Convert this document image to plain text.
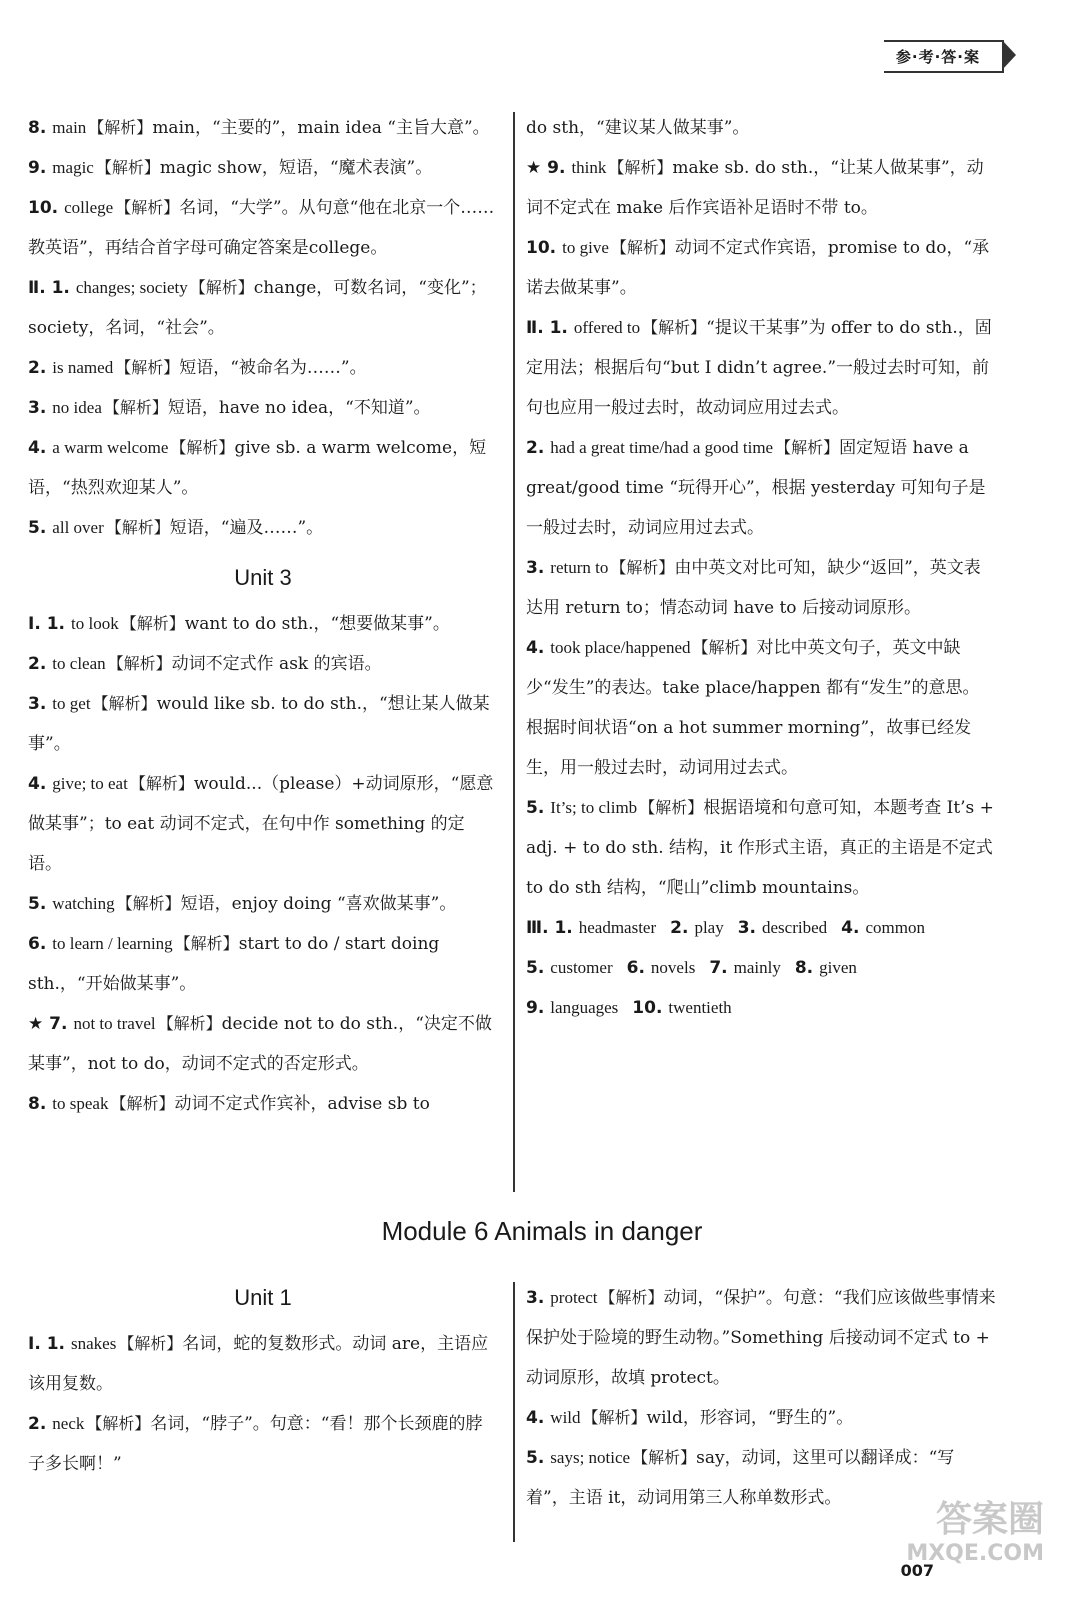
参·考·答·案

8. main 【解析】main，“主要的”，main idea “主旨大意”。

9. magic 【解析】magic show，短语，“魔术表演”。

10. college 【解析】名词，“大学”。从句意“他在北京一个……教英语”，再结合首字母可确定答案是college。

Ⅱ. 1. changes; society 【解析】change，可数名词，“变化”；society，名词，“社会”。

2. is named 【解析】短语，“被命名为……”。

3. no idea 【解析】短语，have no idea，“不知道”。

4. a warm welcome 【解析】give sb. a warm welcome，短语，“热烈欢迎某人”。

5. all over 【解析】短语，“遍及……”。

Unit 3

Ⅰ. 1. to look 【解析】want to do sth.，“想要做某事”。

2. to clean 【解析】动词不定式作 ask 的宾语。

3. to get 【解析】would like sb. to do sth.，“想让某人做某事”。

4. give; to eat 【解析】would...（please）+动词原形，“愿意做某事”；to eat 动词不定式，在句中作 something 的定语。

5. watching 【解析】短语，enjoy doing “喜欢做某事”。

6. to learn / learning 【解析】start to do / start doing sth.，“开始做某事”。

★ 7. not to travel 【解析】decide not to do sth.，“决定不做某事”，not to do，动词不定式的否定形式。

8. to speak 【解析】动词不定式作宾补，advise sb to

do sth，“建议某人做某事”。

★ 9. think 【解析】make sb. do sth.，“让某人做某事”，动词不定式在 make 后作宾语补足语时不带 to。

10. to give 【解析】动词不定式作宾语，promise to do，“承诺去做某事”。

Ⅱ. 1. offered to 【解析】“提议干某事”为 offer to do sth.，固定用法；根据后句“but I didn’t agree.”一般过去时可知，前句也应用一般过去时，故动词应用过去式。

2. had a great time/had a good time 【解析】固定短语 have a great/good time “玩得开心”，根据 yesterday 可知句子是一般过去时，动词应用过去式。

3. return to 【解析】由中英文对比可知，缺少“返回”，英文表达用 return to；情态动词 have to 后接动词原形。

4. took place/happened 【解析】对比中英文句子，英文中缺少“发生”的表达。take place/happen 都有“发生”的意思。根据时间状语“on a hot summer morning”，故事已经发生，用一般过去时，动词用过去式。

5. It’s; to climb 【解析】根据语境和句意可知，本题考查 It’s + adj. + to do sth. 结构，it 作形式主语，真正的主语是不定式 to do sth 结构，“爬山”climb mountains。

Ⅲ. 1. headmaster 2. play 3. described 4. common
5. customer 6. novels 7. mainly 8. given
9. languages 10. twentieth
Module 6 Animals in danger
Unit 1

Ⅰ. 1. snakes 【解析】名词，蛇的复数形式。动词 are，主语应该用复数。

2. neck 【解析】名词，“脖子”。句意：“看！那个长颈鹿的脖子多长啊！”

3. protect 【解析】动词，“保护”。句意：“我们应该做些事情来保护处于险境的野生动物。”Something 后接动词不定式 to + 动词原形，故填 protect。

4. wild 【解析】wild，形容词，“野生的”。

5. says; notice 【解析】say，动词，这里可以翻译成：“写着”，主语 it，动词用第三人称单数形式。

007
答案圈
MXQE.COM
